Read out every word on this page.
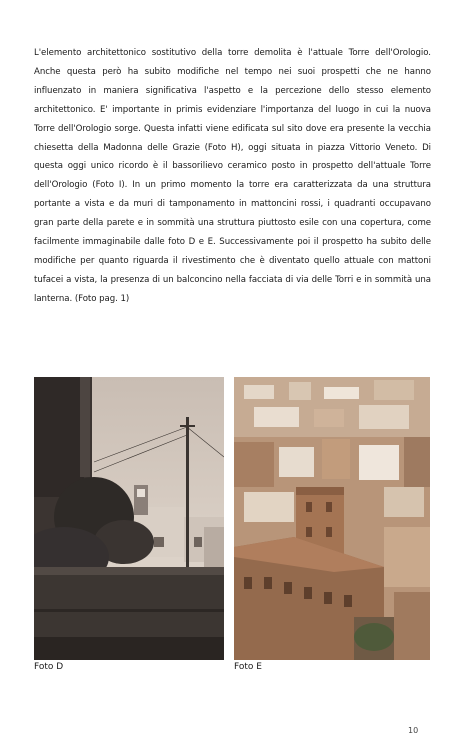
L'elemento architettonico sostitutivo della torre demolita è l'attuale Torre dell'Orologio. Anche questa però ha subito modifiche nel tempo nei suoi prospetti che ne hanno influenzato in maniera significativa l'aspetto e la percezione dello stesso elemento architettonico. E' importante in primis evidenziare l'importanza del luogo in cui la nuova Torre dell'Orologio sorge. Questa infatti viene edificata sul sito dove era presente la vecchia chiesetta della Madonna delle Grazie (Foto H), oggi situata in piazza Vittorio Veneto. Di questa oggi unico ricordo è il bassorilievo ceramico posto in prospetto dell'attuale Torre dell'Orologio (Foto I). In un primo momento la torre era caratterizzata da una struttura portante a vista e da muri di tamponamento in mattoncini rossi, i quadranti occupavano gran parte della parete e in sommità una struttura piuttosto esile con una copertura, come facilmente immaginabile dalle foto D e E. Successivamente poi il prospetto ha subito delle modifiche per quanto riguarda il rivestimento che è diventato quello attuale con mattoni tufacei a vista, la presenza di un balconcino nella facciata di via delle Torri e in sommità una lanterna. (Foto pag. 1)

Foto D	Foto E
10
